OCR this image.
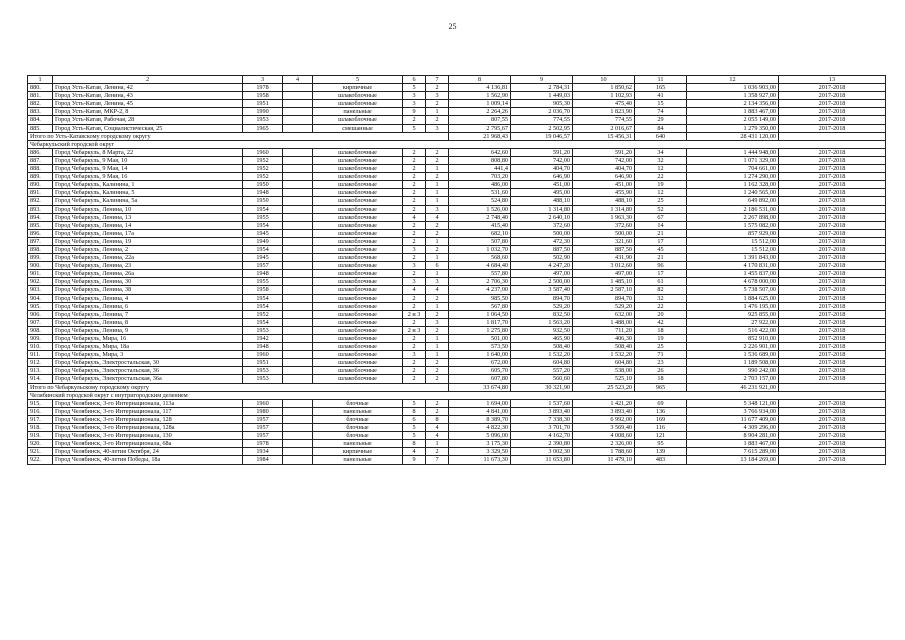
25
1	2	3	4	5	6	7	8	9	10	11	12	13
880.	Город Усть-Катав, Ленина, 42	1978		кирпичные	5	2	4 136,81	2 784,31	1 850,62	165	1 036 903,00	2017-2018
881.	Город Усть-Катав, Ленина, 43	1958		шлакоблочные	3	3	1 562,90	1 449,03	1 102,93	41	1 358 927,00	2017-2018
882.	Город Усть-Катав, Ленина, 45	1951		шлакоблочные	3	2	1 009,14	905,30	475,40	15	2 134 356,00	2017-2018
883.	Город Усть-Катав, МКР-2, 8	1990		панельные	9	1	2 264,26	2 036,70	1 823,90	74	1 883 467,00	2017-2018
884.	Город Усть-Катав, Рабочая, 28	1953		шлакоблочные	2	2	807,55	774,55	774,55	29	2 055 149,00	2017-2018
885.	Город Усть-Катав, Социалистическая, 25	1965		смешанные	5	3	2 795,67	2 502,95	2 016,67	84	1 279 350,00	2017-2018
Итого по Усть-Катавскому городскому округу							21 968,43	19 046,57	15 456,31	640	28 431 120,00	
Чебаркульский городской округ												
886.	Город Чебаркуль, 8 Марта, 22	1960		шлакоблочные	2	2	642,60	591,20	591,20	34	1 444 948,00	2017-2018
887.	Город Чебаркуль, 9 Мая, 10	1952		шлакоблочные	2	2	808,80	742,00	742,00	32	1 071 329,00	2017-2018
888.	Город Чебаркуль, 9 Мая, 14	1952		шлакоблочные	2	1	441,4	404,70	404,70	12	704 661,00	2017-2018
889.	Город Чебаркуль, 9 Мая, 16	1952		шлакоблочные	2	2	703,20	646,90	646,90	22	1 274 290,00	2017-2018
890.	Город Чебаркуль, Калинина, 1	1950		шлакоблочные	2	1	486,00	451,00	451,00	19	1 162 328,00	2017-2018
891.	Город Чебаркуль, Калинина, 5	1948		шлакоблочные	2	1	531,60	495,00	455,90	12	1 240 565,00	2017-2018
892.	Город Чебаркуль, Калинина, 5а	1950		шлакоблочные	2	1	524,80	488,10	488,10	25	649 892,00	2017-2018
893.	Город Чебаркуль, Ленина, 10	1954		шлакоблочные	2	3	1 526,00	1 314,80	1 314,80	52	2 186 531,00	2017-2018
894.	Город Чебаркуль, Ленина, 13	1955		шлакоблочные	4	4	2 748,40	2 640,10	1 963,30	67	2 267 898,00	2017-2018
895.	Город Чебаркуль, Ленина, 14	1954		шлакоблочные	2	2	415,40	372,60	372,60	14	1 575 082,00	2017-2018
896.	Город Чебаркуль, Ленина, 17а	1945		шлакоблочные	2	2	682,10	500,00	500,00	21	857 929,00	2017-2018
897.	Город Чебаркуль, Ленина, 19	1949		шлакоблочные	2	1	507,80	472,30	321,60	17	15 512,00	2017-2018
898.	Город Чебаркуль, Ленина, 2	1954		шлакоблочные	3	2	1 032,70	887,50	887,50	45	15 512,00	2017-2018
899.	Город Чебаркуль, Ленина, 22а	1945		шлакоблочные	2	1	568,60	502,90	431,90	21	1 391 843,00	2017-2018
900.	Город Чебаркуль, Ленина, 23	1957		шлакоблочные	3	6	4 684,40	4 247,20	3 012,60	96	4 170 831,00	2017-2018
901.	Город Чебаркуль, Ленина, 26а	1948		шлакоблочные	2	1	557,80	497,00	497,00	17	1 455 837,00	2017-2018
902.	Город Чебаркуль, Ленина, 30	1955		шлакоблочные	3	3	2 706,30	2 500,00	1 485,10	61	4 678 000,00	2017-2018
903.	Город Чебаркуль, Ленина, 38	1958		шлакоблочные	4	4	4 237,00	3 587,40	2 587,10	82	5 738 507,00	2017-2018
904.	Город Чебаркуль, Ленина, 4	1954		шлакоблочные	2	2	985,50	894,70	894,70	32	1 884 625,00	2017-2018
905.	Город Чебаркуль, Ленина, 6	1954		шлакоблочные	2	1	567,80	529,20	529,20	22	1 476 195,00	2017-2018
906.	Город Чебаркуль, Ленина, 7	1952		шлакоблочные	2 и 3	2	1 064,50	832,50	632,00	20	925 855,00	2017-2018
907.	Город Чебаркуль, Ленина, 8	1954		шлакоблочные	2	3	1 817,70	1 563,20	1 488,00	42	27 922,00	2017-2018
908.	Город Чебаркуль, Ленина, 9	1953		шлакоблочные	2 и 3	2	1 275,80	932,50	711,20	18	516 422,00	2017-2018
909.	Город Чебаркуль, Мира, 16	1942		шлакоблочные	2	1	501,00	465,90	406,30	19	852 910,00	2017-2018
910.	Город Чебаркуль, Мира, 18а	1948		шлакоблочные	2	1	573,50	508,40	508,40	25	2 226 901,00	2017-2018
911.	Город Чебаркуль, Мира, 3	1960		шлакоблочные	3	1	1 640,00	1 532,20	1 532,20	71	1 536 689,00	2017-2018
912.	Город Чебаркуль, Электростальская, 30	1951		шлакоблочные	2	2	672,00	604,80	604,80	23	1 189 508,00	2017-2018
913.	Город Чебаркуль, Электростальская, 36	1953		шлакоблочные	2	2	605,70	557,20	538,00	26	990 242,00	2017-2018
914.	Город Чебаркуль, Электростальская, 36а	1953		шлакоблочные	2	2	607,80	560,60	525,10	18	2 703 157,00	2017-2018
Итого по Чебаркульскому городскому округу							33 674,80	30 321,90	25 523,20	965	46 231 921,00	
Челябинский городской округ с внутригородским делением												
915.	Город Челябинск, 3-го Интернационала, 113а	1960		блочные	5	2	1 694,00	1 537,60	1 421,20	69	5 348 121,00	2017-2018
916.	Город Челябинск, 3-го Интернационала, 117	1980		панельные	8	2	4 841,00	3 893,40	3 893,40	136	3 766 934,00	2017-2018
917.	Город Челябинск, 3-го Интернационала, 128	1957		блочные	6	8	8 389,70	7 338,30	6 992,00	169	11 677 409,00	2017-2018
918.	Город Челябинск, 3-го Интернационала, 128а	1957		блочные	5	4	4 822,30	3 701,70	3 569,40	116	4 309 296,00	2017-2018
919.	Город Челябинск, 3-го Интернационала, 130	1957		блочные	5	4	5 096,00	4 162,70	4 008,60	121	8 904 281,00	2017-2018
920.	Город Челябинск, 3-го Интернационала, 68а	1978		панельные	8	1	3 175,30	2 390,80	2 326,00	95	1 883 467,00	2017-2018
921.	Город Челябинск, 40-летия Октября, 24	1934		кирпичные	4	2	3 329,50	3 002,30	1 788,60	139	7 615 289,00	2017-2018
922.	Город Челябинск, 40-летия Победы, 18а	1984		панельные	9	7	11 673,30	11 653,80	11 479,10	483	13 184 269,00	2017-2018
